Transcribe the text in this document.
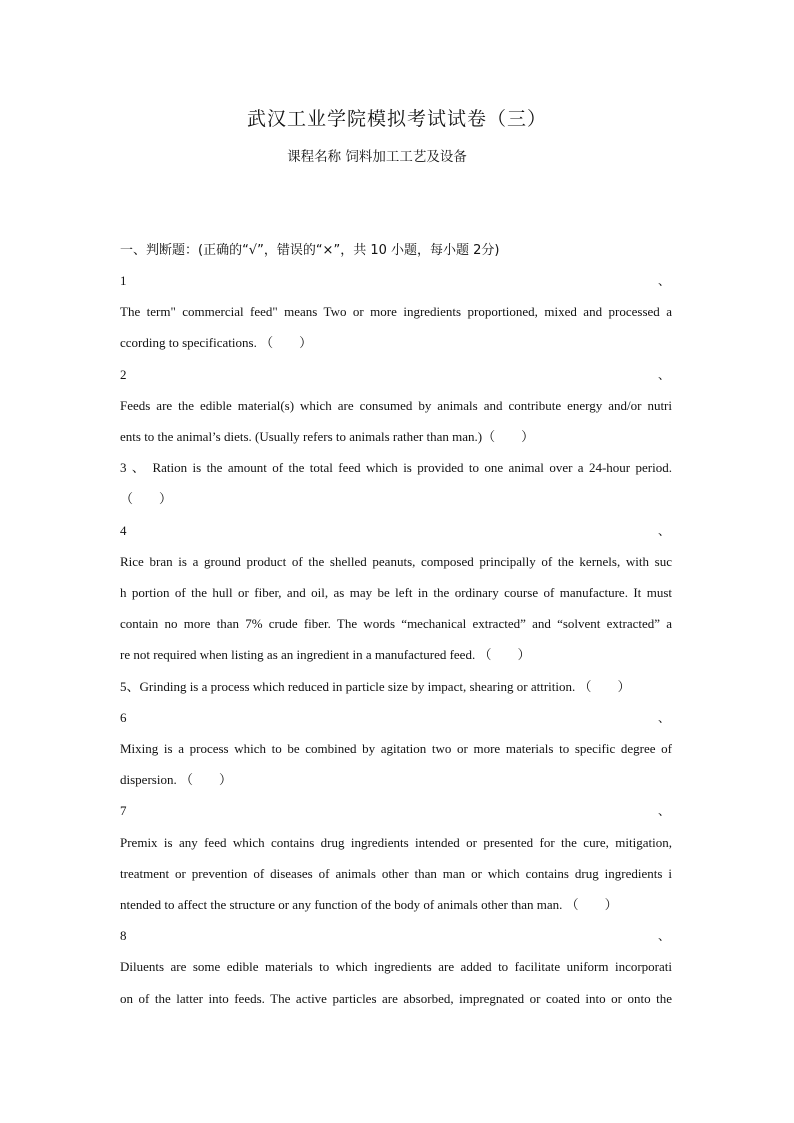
武汉工业学院模拟考试试卷（三）
课程名称 饲料加工工艺及设备
一、判断题：(正确的“√”，错误的“×”，共 10 小题，每小题 2分)
1	、
The term" commercial feed" means Two or more ingredients proportioned, mixed and processed a
ccording to specifications. （　　）
2	、
Feeds are the edible material(s) which are consumed by animals and contribute energy and/or nutri
ents to the animal’s diets. (Usually refers to animals rather than man.)（　　）
3 、 Ration is the amount of the total feed which is provided to one animal over a 24-hour period.
（　　）
4	、
Rice bran is a ground product of the shelled peanuts, composed principally of the kernels, with suc
h portion of the hull or fiber, and oil, as may be left in the ordinary course of manufacture. It must
contain no more than 7% crude fiber. The words “mechanical extracted” and “solvent extracted” a
re not required when listing as an ingredient in a manufactured feed. （　　）
5、Grinding is a process which reduced in particle size by impact, shearing or attrition. （　　）
6	、
Mixing is a process which to be combined by agitation two or more materials to specific degree of
dispersion. （　　）
7	、
Premix is any feed which contains drug ingredients intended or presented for the cure, mitigation,
treatment or prevention of diseases of animals other than man or which contains drug ingredients i
ntended to affect the structure or any function of the body of animals other than man. （　　）
8	、
Diluents are some edible materials to which ingredients are added to facilitate uniform incorporati
on of the latter into feeds. The active particles are absorbed, impregnated or coated into or onto the
